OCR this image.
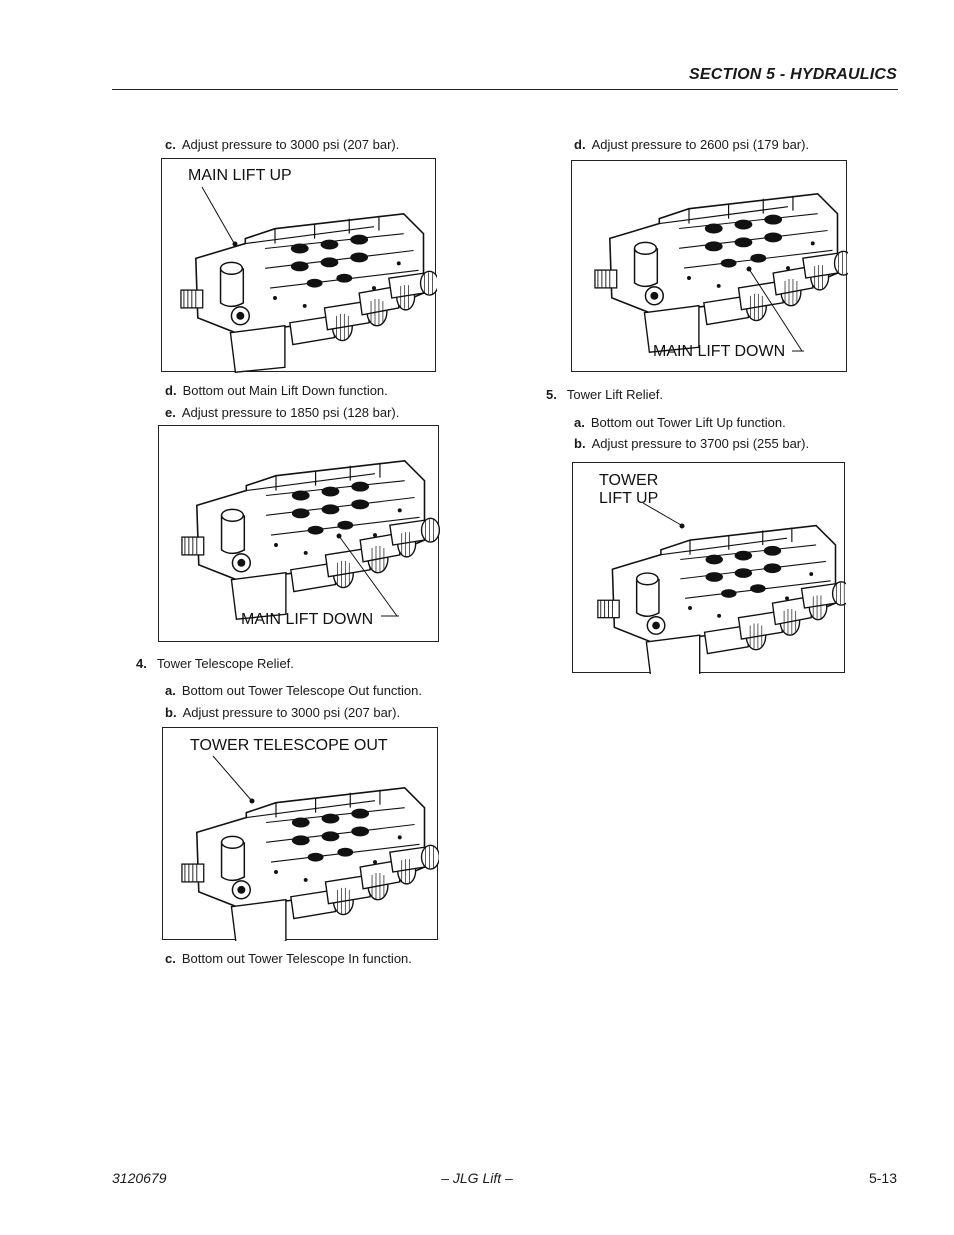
SECTION 5 - HYDRAULICS
c. Adjust pressure to 3000 psi (207 bar).
MAIN LIFT UP
d. Bottom out Main Lift Down function.
e. Adjust pressure to 1850 psi (128 bar).
MAIN LIFT DOWN
4. Tower Telescope Relief.
a. Bottom out Tower Telescope Out function.
b. Adjust pressure to 3000 psi (207 bar).
TOWER TELESCOPE OUT
c. Bottom out Tower Telescope In function.
d. Adjust pressure to 2600 psi (179 bar).
MAIN LIFT DOWN
5. Tower Lift Relief.
a. Bottom out Tower Lift Up function.
b. Adjust pressure to 3700 psi (255 bar).
TOWER
LIFT UP
3120679	– JLG Lift –	5-13
